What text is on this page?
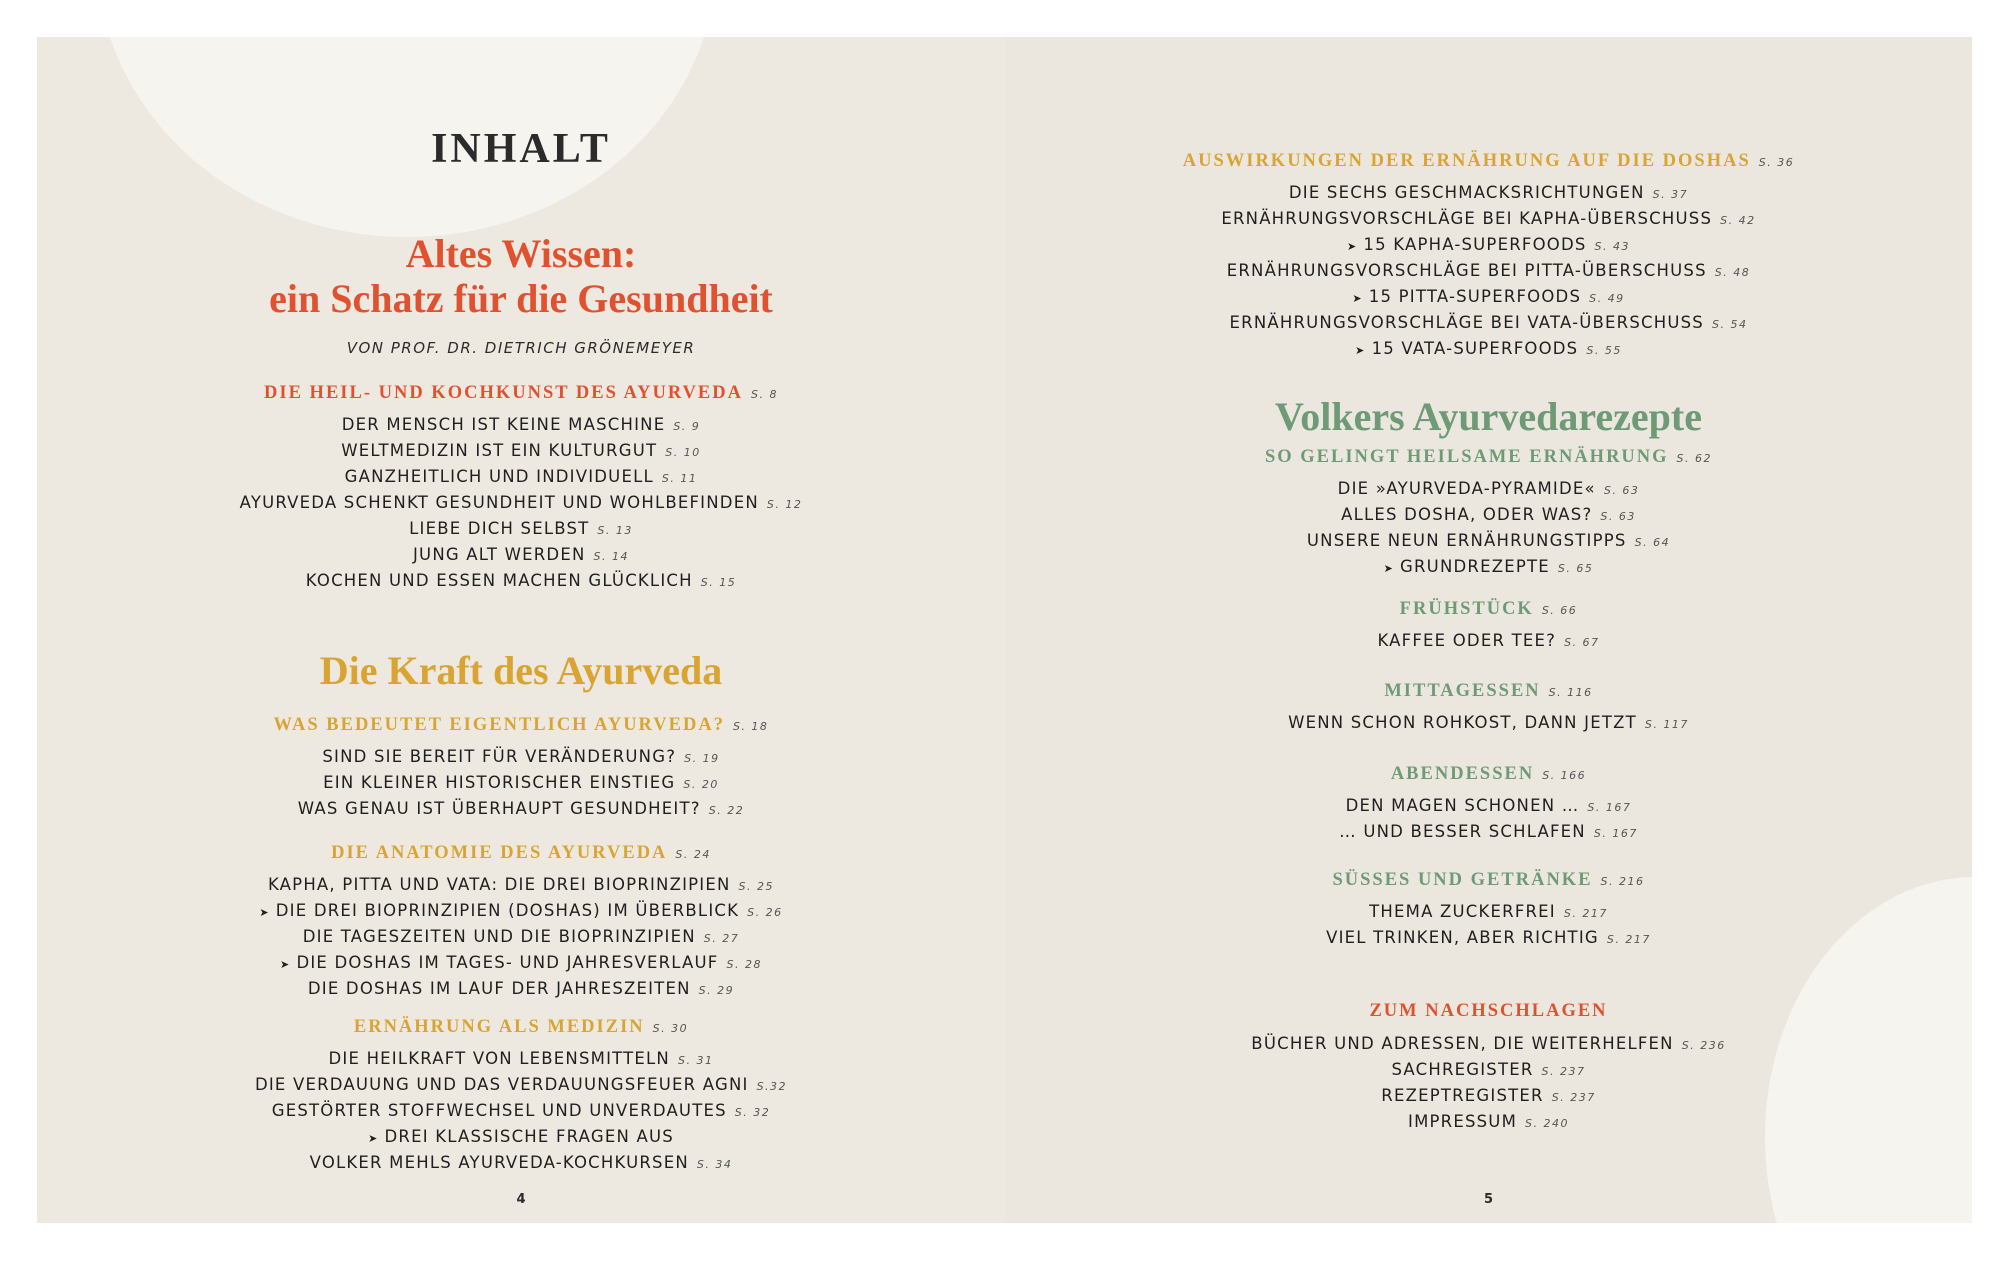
INHALT
Altes Wissen:
ein Schatz für die Gesundheit
VON PROF. DR. DIETRICH GRÖNEMEYER
DIE HEIL- UND KOCHKUNST DES AYURVEDA S. 8
DER MENSCH IST KEINE MASCHINE S. 9
WELTMEDIZIN IST EIN KULTURGUT S. 10
GANZHEITLICH UND INDIVIDUELL S. 11
AYURVEDA SCHENKT GESUNDHEIT UND WOHLBEFINDEN S. 12
LIEBE DICH SELBST S. 13
JUNG ALT WERDEN S. 14
KOCHEN UND ESSEN MACHEN GLÜCKLICH S. 15
Die Kraft des Ayurveda
WAS BEDEUTET EIGENTLICH AYURVEDA? S. 18
SIND SIE BEREIT FÜR VERÄNDERUNG? S. 19
EIN KLEINER HISTORISCHER EINSTIEG S. 20
WAS GENAU IST ÜBERHAUPT GESUNDHEIT? S. 22
DIE ANATOMIE DES AYURVEDA S. 24
KAPHA, PITTA UND VATA: DIE DREI BIOPRINZIPIEN S. 25
➤ DIE DREI BIOPRINZIPIEN (DOSHAS) IM ÜBERBLICK S. 26
DIE TAGESZEITEN UND DIE BIOPRINZIPIEN S. 27
➤ DIE DOSHAS IM TAGES- UND JAHRESVERLAUF S. 28
DIE DOSHAS IM LAUF DER JAHRESZEITEN S. 29
ERNÄHRUNG ALS MEDIZIN S. 30
DIE HEILKRAFT VON LEBENSMITTELN S. 31
DIE VERDAUUNG UND DAS VERDAUUNGSFEUER AGNI S.32
GESTÖRTER STOFFWECHSEL UND UNVERDAUTES S. 32
➤ DREI KLASSISCHE FRAGEN AUS
VOLKER MEHLS AYURVEDA-KOCHKURSEN S. 34
4
AUSWIRKUNGEN DER ERNÄHRUNG AUF DIE DOSHAS S. 36
DIE SECHS GESCHMACKSRICHTUNGEN S. 37
ERNÄHRUNGSVORSCHLÄGE BEI KAPHA-ÜBERSCHUSS S. 42
➤ 15 KAPHA-SUPERFOODS S. 43
ERNÄHRUNGSVORSCHLÄGE BEI PITTA-ÜBERSCHUSS S. 48
➤ 15 PITTA-SUPERFOODS S. 49
ERNÄHRUNGSVORSCHLÄGE BEI VATA-ÜBERSCHUSS S. 54
➤ 15 VATA-SUPERFOODS S. 55
Volkers Ayurvedarezepte
SO GELINGT HEILSAME ERNÄHRUNG S. 62
DIE »AYURVEDA-PYRAMIDE« S. 63
ALLES DOSHA, ODER WAS? S. 63
UNSERE NEUN ERNÄHRUNGSTIPPS S. 64
➤ GRUNDREZEPTE S. 65
FRÜHSTÜCK S. 66
KAFFEE ODER TEE? S. 67
MITTAGESSEN S. 116
WENN SCHON ROHKOST, DANN JETZT S. 117
ABENDESSEN S. 166
DEN MAGEN SCHONEN … S. 167
… UND BESSER SCHLAFEN S. 167
SÜSSES UND GETRÄNKE S. 216
THEMA ZUCKERFREI S. 217
VIEL TRINKEN, ABER RICHTIG S. 217
ZUM NACHSCHLAGEN
BÜCHER UND ADRESSEN, DIE WEITERHELFEN S. 236
SACHREGISTER S. 237
REZEPTREGISTER S. 237
IMPRESSUM S. 240
5
